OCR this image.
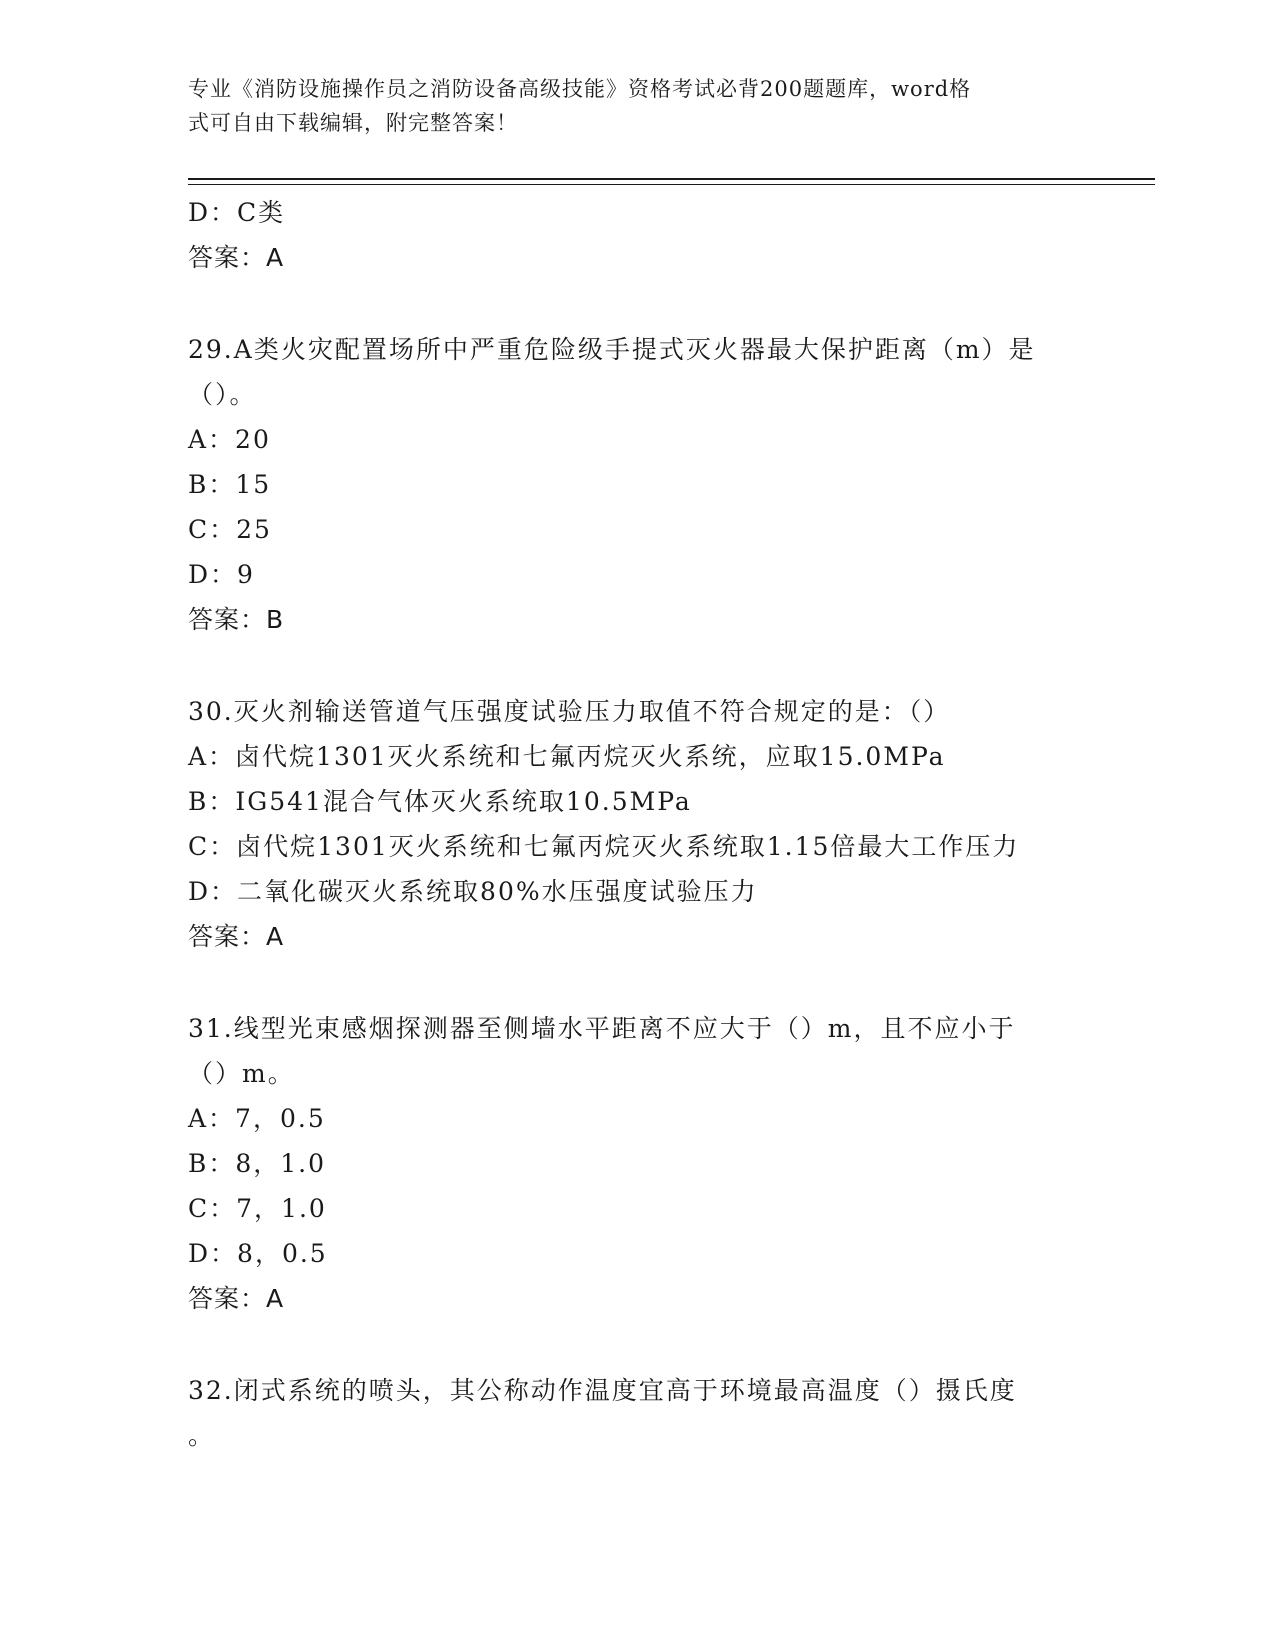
专业《消防设施操作员之消防设备高级技能》资格考试必背200题题库，word格
式可自由下载编辑，附完整答案！
D：C类
答案：A
29.A类火灾配置场所中严重危险级手提式灭火器最大保护距离（m）是
（）。
A：20
B：15
C：25
D：9
答案：B
30.灭火剂输送管道气压强度试验压力取值不符合规定的是：（）
A：卤代烷1301灭火系统和七氟丙烷灭火系统，应取15.0MPa
B：IG541混合气体灭火系统取10.5MPa
C：卤代烷1301灭火系统和七氟丙烷灭火系统取1.15倍最大工作压力
D：二氧化碳灭火系统取80%水压强度试验压力
答案：A
31.线型光束感烟探测器至侧墙水平距离不应大于（）m，且不应小于
（）m。
A：7，0.5
B：8，1.0
C：7，1.0
D：8，0.5
答案：A
32.闭式系统的喷头，其公称动作温度宜高于环境最高温度（）摄氏度
。
